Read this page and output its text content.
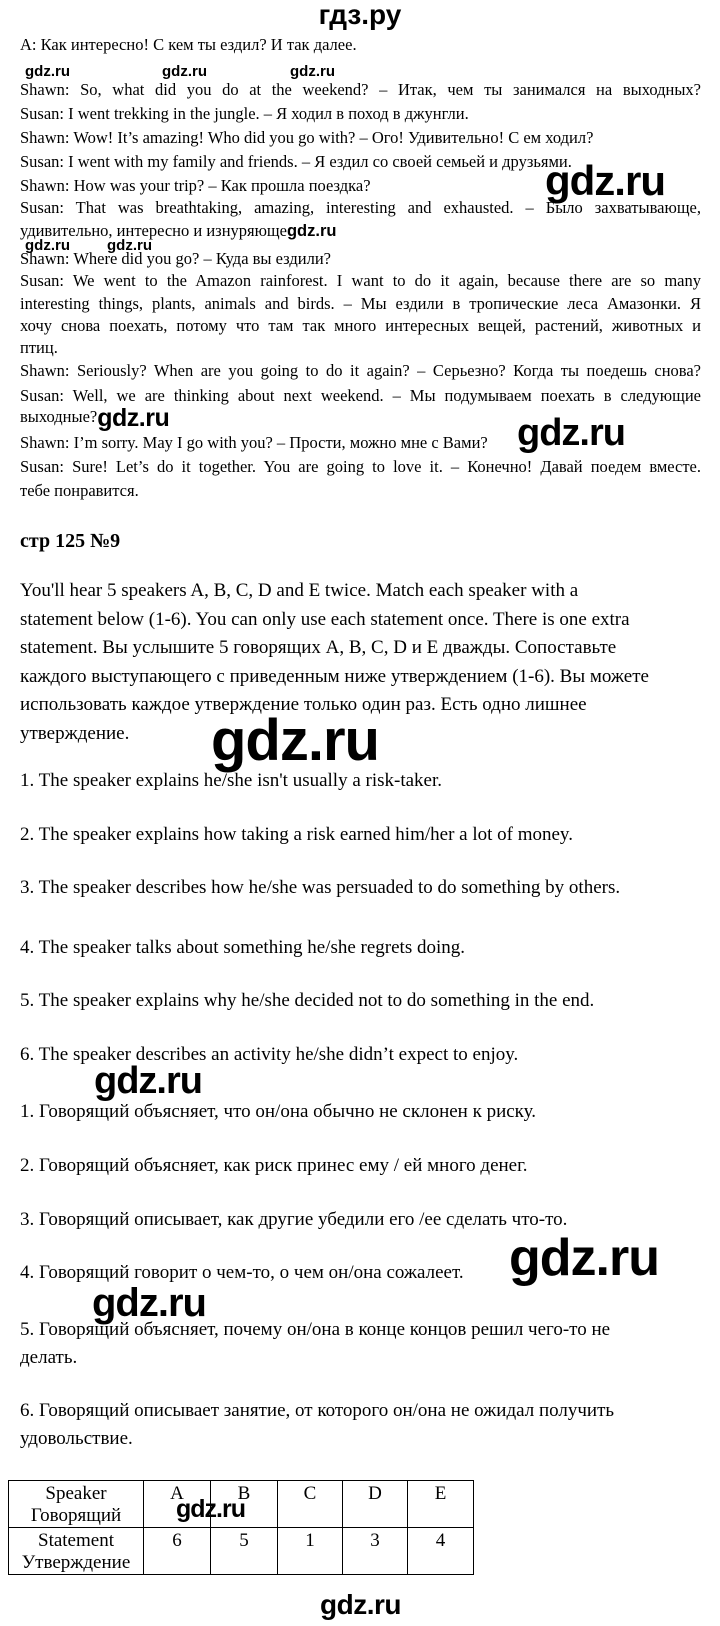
гдз.ру
А: Как интересно! С кем ты ездил? И так далее.
gdz.ru	gdz.ru	gdz.ru
Shawn: So, what did you do at the weekend? – Итак, чем ты занимался на выходных?
Susan: I went trekking in the jungle. – Я ходил в поход в джунгли.
Shawn: Wow! It’s amazing! Who did you go with? – Ого! Удивительно! С ем ходил?
Susan: I went with my family and friends. – Я ездил со своей семьей и друзьями.
Shawn: How was your trip? – Как прошла поездка?
Susan: That was breathtaking, amazing, interesting and exhausted. – Было захватывающе,
удивительно, интересно и изнуряющеgdz.ru
gdz.ru gdz.ru
Shawn: Where did you go? – Куда вы ездили?
Susan: We went to the Amazon rainforest. I want to do it again, because there are so many
interesting things, plants, animals and birds. – Мы ездили в тропические леса Амазонки. Я
хочу снова поехать, потому что там так много интересных вещей, растений, животных и
птиц.
Shawn: Seriously? When are you going to do it again? – Серьезно? Когда ты поедешь снова?
Susan: Well, we are thinking about next weekend. – Мы подумываем поехать в следующие
выходные?gdz.ru
Shawn: I’m sorry. May I go with you? – Прости, можно мне с Вами?
Susan: Sure! Let’s do it together. You are going to love it. – Конечно! Давай поедем вместе.
тебе понравится.
gdz.ru
gdz.ru
стр 125 №9
You'll hear 5 speakers A, B, C, D and E twice. Match each speaker with a
statement below (1-6). You can only use each statement once. There is one extra
statement. Вы услышите 5 говорящих А, В, С, D и Е дважды. Сопоставьте
каждого выступающего с приведенным ниже утверждением (1-6). Вы можете
использовать каждое утверждение только один раз. Есть одно лишнее
утверждение.	gdz.ru
1. The speaker explains he/she isn't usually a risk-taker.
2. The speaker explains how taking a risk earned him/her a lot of money.
3. The speaker describes how he/she was persuaded to do something by others.
4. The speaker talks about something he/she regrets doing.
5. The speaker explains why he/she decided not to do something in the end.
6. The speaker describes an activity he/she didn’t expect to enjoy.
gdz.ru
1. Говорящий объясняет, что он/она обычно не склонен к риску.
2. Говорящий объясняет, как риск принес ему / ей много денег.
3. Говорящий описывает, как другие убедили его /ее сделать что-то.
4. Говорящий говорит о чем-то, о чем он/она сожалеет.
5. Говорящий объясняет, почему он/она в конце концов решил чего-то не
делать.
6. Говорящий описывает занятие, от которого он/она не ожидал получить
удовольствие.
gdz.ru
gdz.ru
Speaker
Говорящий	A	B	C	D	E

Statement
Утверждение	6	5	1	3	4
gdz.ru
gdz.ru
